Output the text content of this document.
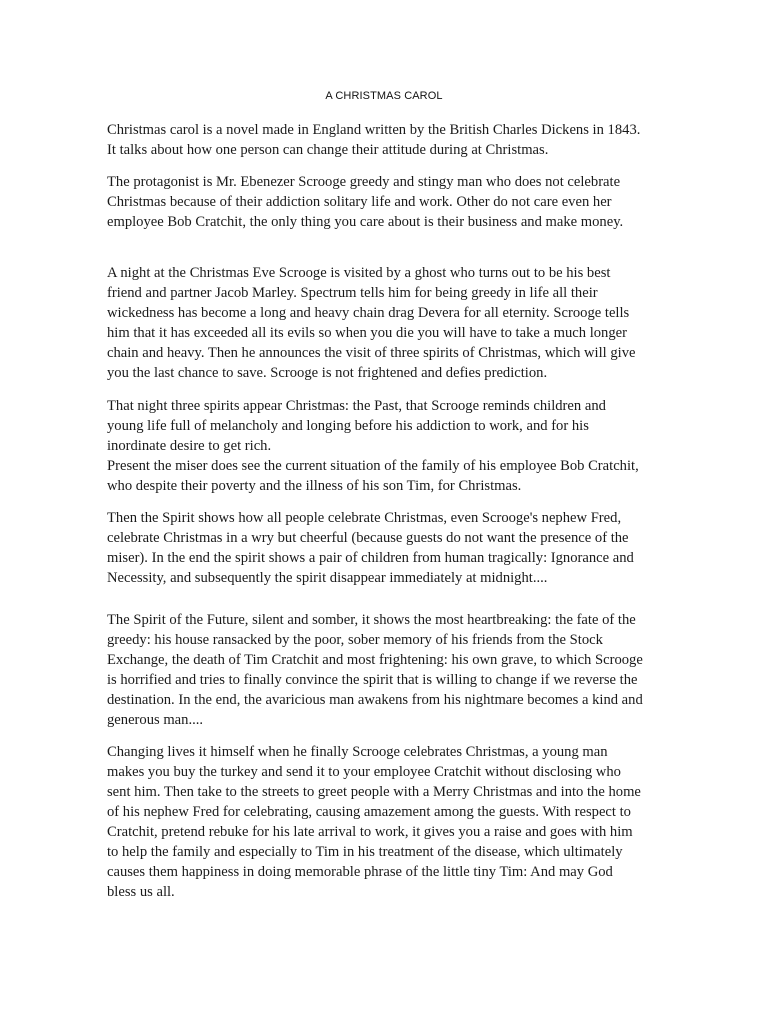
A CHRISTMAS CAROL

Christmas carol is a novel made in England written by the British Charles Dickens in 1843.
It talks about how one person can change their attitude during at Christmas.

The protagonist is Mr. Ebenezer Scrooge greedy and stingy man who does not celebrate
Christmas because of their addiction solitary life and work. Other do not care even her
employee Bob Cratchit, the only thing you care about is their business and make money.

A night at the Christmas Eve Scrooge is visited by a ghost who turns out to be his best
friend and partner Jacob Marley. Spectrum tells him for being greedy in life all their
wickedness has become a long and heavy chain drag Devera for all eternity. Scrooge tells
him that it has exceeded all its evils so when you die you will have to take a much longer
chain and heavy. Then he announces the visit of three spirits of Christmas, which will give
you the last chance to save. Scrooge is not frightened and defies prediction.

That night three spirits appear Christmas: the Past, that Scrooge reminds children and
young life full of melancholy and longing before his addiction to work, and for his
inordinate desire to get rich.
Present the miser does see the current situation of the family of his employee Bob Cratchit,
who despite their poverty and the illness of his son Tim, for Christmas.

Then the Spirit shows how all people celebrate Christmas, even Scrooge's nephew Fred,
celebrate Christmas in a wry but cheerful (because guests do not want the presence of the
miser). In the end the spirit shows a pair of children from human tragically: Ignorance and
Necessity, and subsequently the spirit disappear immediately at midnight....

The Spirit of the Future, silent and somber, it shows the most heartbreaking: the fate of the
greedy: his house ransacked by the poor, sober memory of his friends from the Stock
Exchange, the death of Tim Cratchit and most frightening: his own grave, to which Scrooge
is horrified and tries to finally convince the spirit that is willing to change if we reverse the
destination. In the end, the avaricious man awakens from his nightmare becomes a kind and
generous man....

Changing lives it himself when he finally Scrooge celebrates Christmas, a young man
makes you buy the turkey and send it to your employee Cratchit without disclosing who
sent him. Then take to the streets to greet people with a Merry Christmas and into the home
of his nephew Fred for celebrating, causing amazement among the guests. With respect to
Cratchit, pretend rebuke for his late arrival to work, it gives you a raise and goes with him
to help the family and especially to Tim in his treatment of the disease, which ultimately
causes them happiness in doing memorable phrase of the little tiny Tim: And may God
bless us all.
